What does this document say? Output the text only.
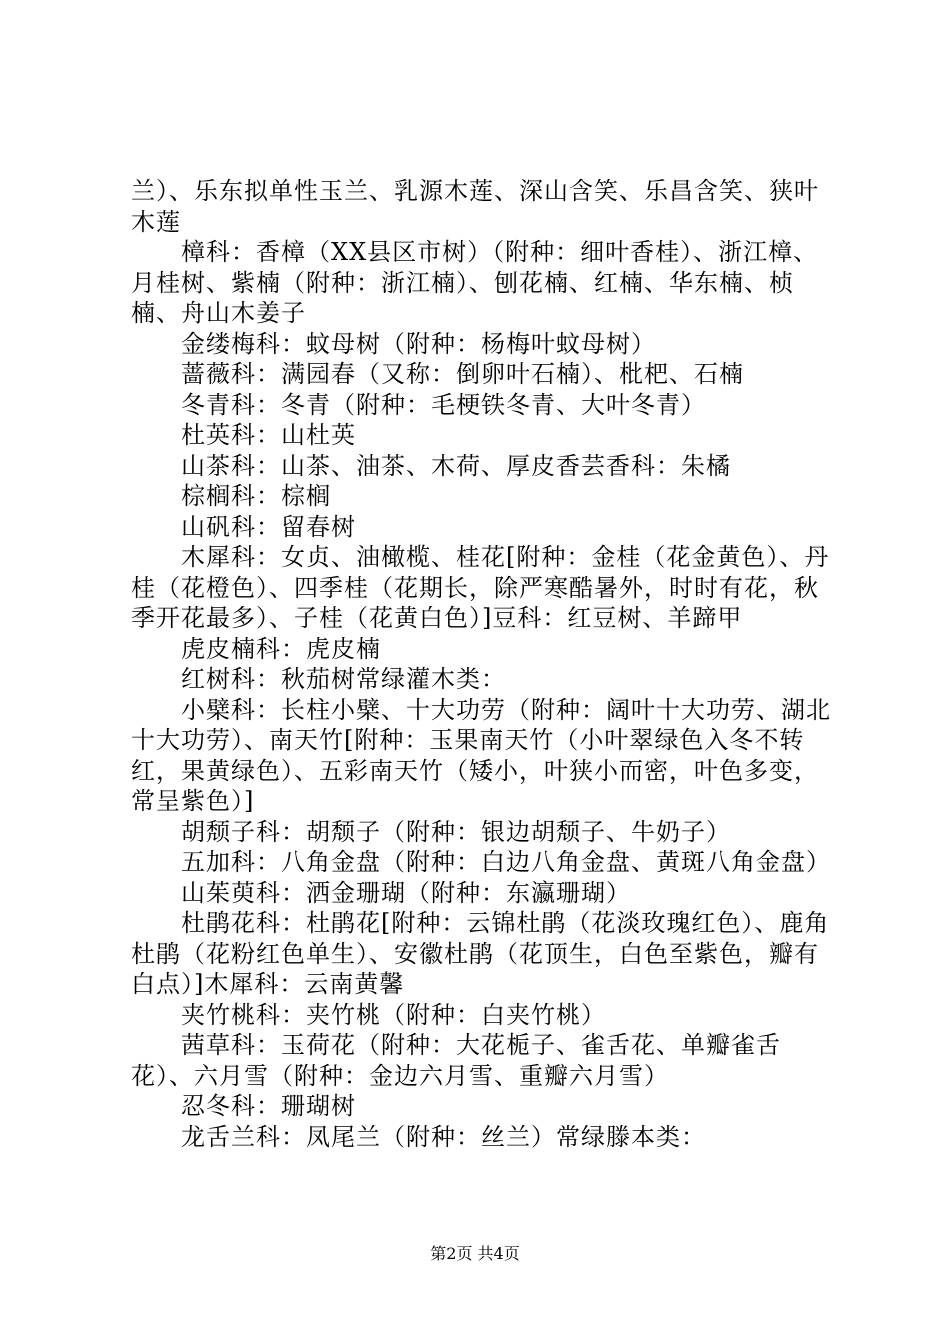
兰）、乐东拟单性玉兰、乳源木莲、深山含笑、乐昌含笑、狭叶木莲

樟科：香樟（XX县区市树）（附种：细叶香桂）、浙江樟、月桂树、紫楠（附种：浙江楠）、刨花楠、红楠、华东楠、桢楠、舟山木姜子

金缕梅科：蚊母树（附种：杨梅叶蚊母树）

蔷薇科：满园春（又称：倒卵叶石楠）、枇杷、石楠

冬青科：冬青（附种：毛梗铁冬青、大叶冬青）

杜英科：山杜英

山茶科：山茶、油茶、木荷、厚皮香芸香科：朱橘

棕榈科：棕榈

山矾科：留春树

木犀科：女贞、油橄榄、桂花[附种：金桂（花金黄色）、丹桂（花橙色）、四季桂（花期长，除严寒酷暑外，时时有花，秋季开花最多）、子桂（花黄白色）]豆科：红豆树、羊蹄甲

虎皮楠科：虎皮楠

红树科：秋茄树常绿灌木类：

小檗科：长柱小檗、十大功劳（附种：阔叶十大功劳、湖北十大功劳）、南天竹[附种：玉果南天竹（小叶翠绿色入冬不转红，果黄绿色）、五彩南天竹（矮小，叶狭小而密，叶色多变，常呈紫色）]

胡颓子科：胡颓子（附种：银边胡颓子、牛奶子）

五加科：八角金盘（附种：白边八角金盘、黄斑八角金盘）

山茱萸科：洒金珊瑚（附种：东瀛珊瑚）

杜鹃花科：杜鹃花[附种：云锦杜鹃（花淡玫瑰红色）、鹿角杜鹃（花粉红色单生）、安徽杜鹃（花顶生，白色至紫色，瓣有白点）]木犀科：云南黄馨

夹竹桃科：夹竹桃（附种：白夹竹桃）

茜草科：玉荷花（附种：大花栀子、雀舌花、单瓣雀舌花）、六月雪（附种：金边六月雪、重瓣六月雪）

忍冬科：珊瑚树

龙舌兰科：凤尾兰（附种：丝兰）常绿滕本类：

第2页 共4页
